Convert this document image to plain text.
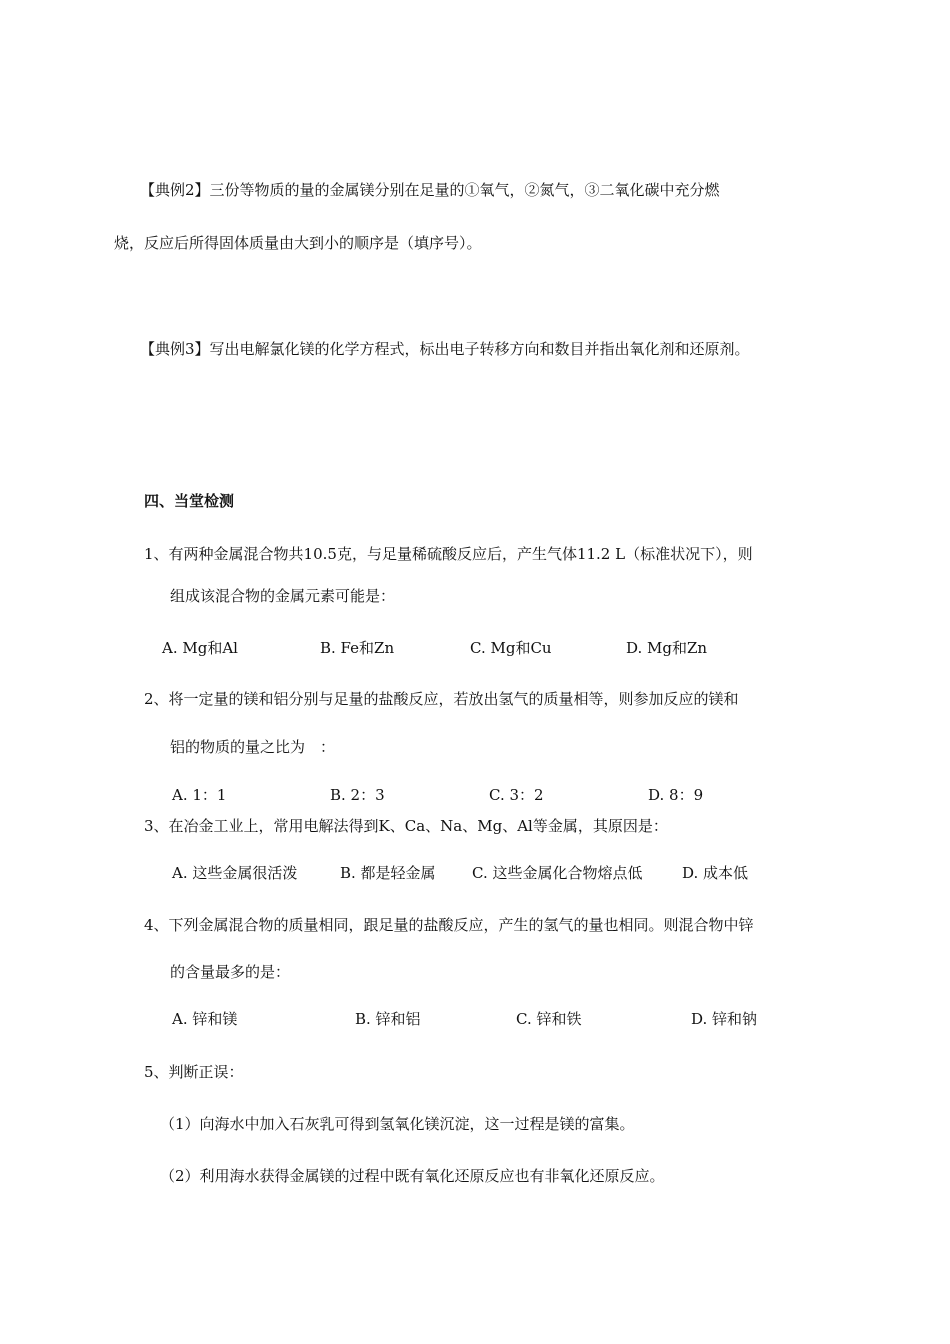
【典例2】三份等物质的量的金属镁分别在足量的①氧气，②氮气，③二氧化碳中充分燃
烧，反应后所得固体质量由大到小的顺序是（填序号）。
【典例3】写出电解氯化镁的化学方程式，标出电子转移方向和数目并指出氧化剂和还原剂。
四、当堂检测
1、有两种金属混合物共10.5克，与足量稀硫酸反应后，产生气体11.2 L（标准状况下），则
组成该混合物的金属元素可能是：
A. Mg和Al	B. Fe和Zn	C. Mg和Cu	D. Mg和Zn
2、将一定量的镁和铝分别与足量的盐酸反应，若放出氢气的质量相等，则参加反应的镁和
铝的物质的量之比为　：
A. 1：1	B. 2：3	C. 3：2	D. 8：9
3、在冶金工业上，常用电解法得到K、Ca、Na、Mg、Al等金属，其原因是：
A. 这些金属很活泼	B. 都是轻金属 C. 这些金属化合物熔点低	D. 成本低
4、下列金属混合物的质量相同，跟足量的盐酸反应，产生的氢气的量也相同。则混合物中锌
的含量最多的是：
A. 锌和镁	B. 锌和铝	C. 锌和铁	D. 锌和钠
5、判断正误：
（1）向海水中加入石灰乳可得到氢氧化镁沉淀，这一过程是镁的富集。
（2）利用海水获得金属镁的过程中既有氧化还原反应也有非氧化还原反应。
